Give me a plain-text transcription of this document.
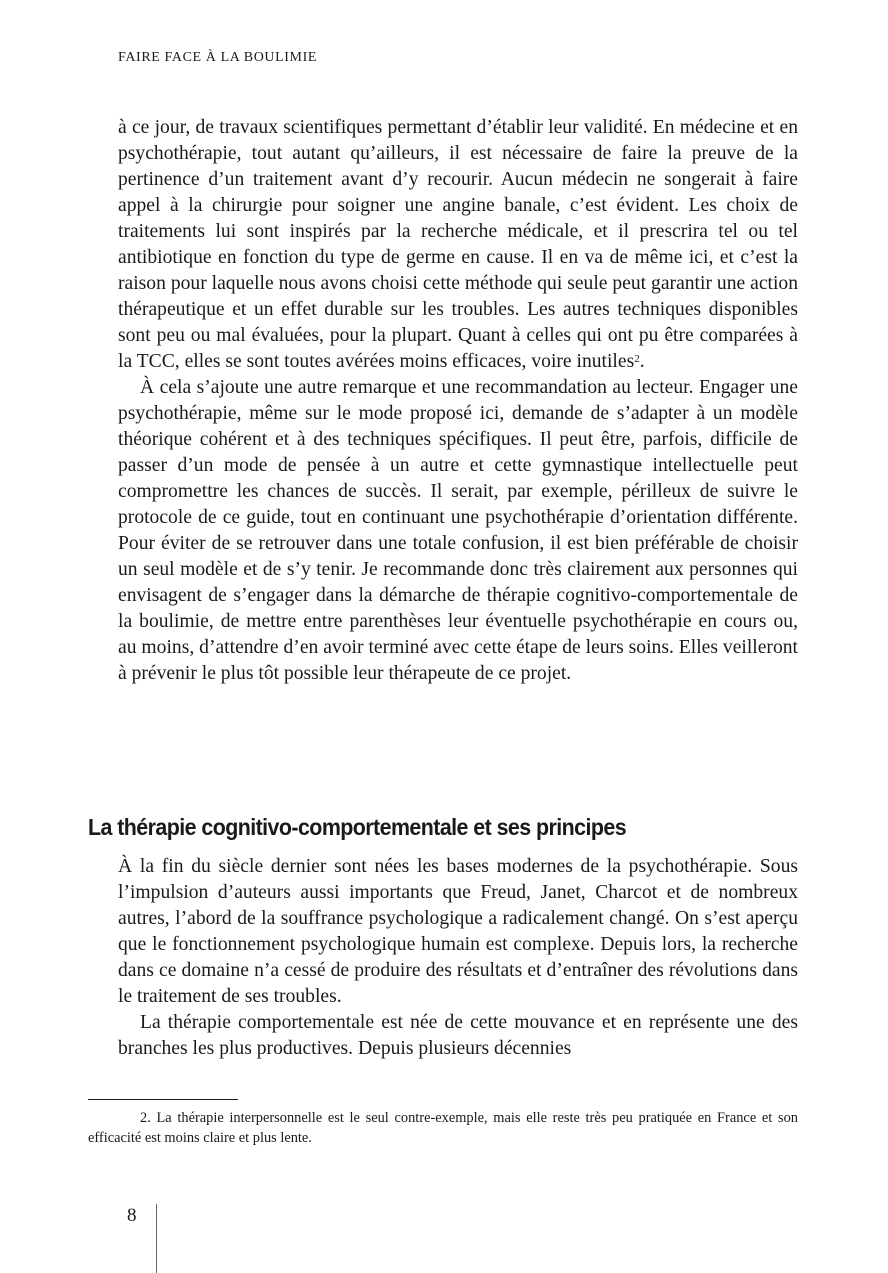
FAIRE FACE À LA BOULIMIE

à ce jour, de travaux scientifiques permettant d’établir leur validité. En médecine et en psychothérapie, tout autant qu’ailleurs, il est nécessaire de faire la preuve de la pertinence d’un traitement avant d’y recourir. Aucun médecin ne songerait à faire appel à la chirurgie pour soigner une angine banale, c’est évident. Les choix de traitements lui sont inspirés par la recherche médicale, et il prescrira tel ou tel antibiotique en fonction du type de germe en cause. Il en va de même ici, et c’est la raison pour laquelle nous avons choisi cette méthode qui seule peut garantir une action thérapeutique et un effet durable sur les troubles. Les autres techniques disponibles sont peu ou mal évaluées, pour la plupart. Quant à celles qui ont pu être comparées à la TCC, elles se sont toutes avérées moins efficaces, voire inutiles$^2$.

À cela s’ajoute une autre remarque et une recommandation au lecteur. Engager une psychothérapie, même sur le mode proposé ici, demande de s’adapter à un modèle théorique cohérent et à des techniques spécifiques. Il peut être, parfois, difficile de passer d’un mode de pensée à un autre et cette gymnastique intellectuelle peut compromettre les chances de succès. Il serait, par exemple, périlleux de suivre le protocole de ce guide, tout en continuant une psychothérapie d’orientation différente. Pour éviter de se retrouver dans une totale confusion, il est bien préférable de choisir un seul modèle et de s’y tenir. Je recommande donc très clairement aux personnes qui envisagent de s’engager dans la démarche de thérapie cognitivo-comportementale de la boulimie, de mettre entre parenthèses leur éventuelle psychothérapie en cours ou, au moins, d’attendre d’en avoir terminé avec cette étape de leurs soins. Elles veilleront à prévenir le plus tôt possible leur thérapeute de ce projet.

La thérapie cognitivo-comportementale et ses principes

À la fin du siècle dernier sont nées les bases modernes de la psychothérapie. Sous l’impulsion d’auteurs aussi importants que Freud, Janet, Charcot et de nombreux autres, l’abord de la souffrance psychologique a radicalement changé. On s’est aperçu que le fonctionnement psychologique humain est complexe. Depuis lors, la recherche dans ce domaine n’a cessé de produire des résultats et d’entraîner des révolutions dans le traitement de ses troubles.

La thérapie comportementale est née de cette mouvance et en représente une des branches les plus productives. Depuis plusieurs décennies

2. La thérapie interpersonnelle est le seul contre-exemple, mais elle reste très peu pratiquée en France et son efficacité est moins claire et plus lente.

8
